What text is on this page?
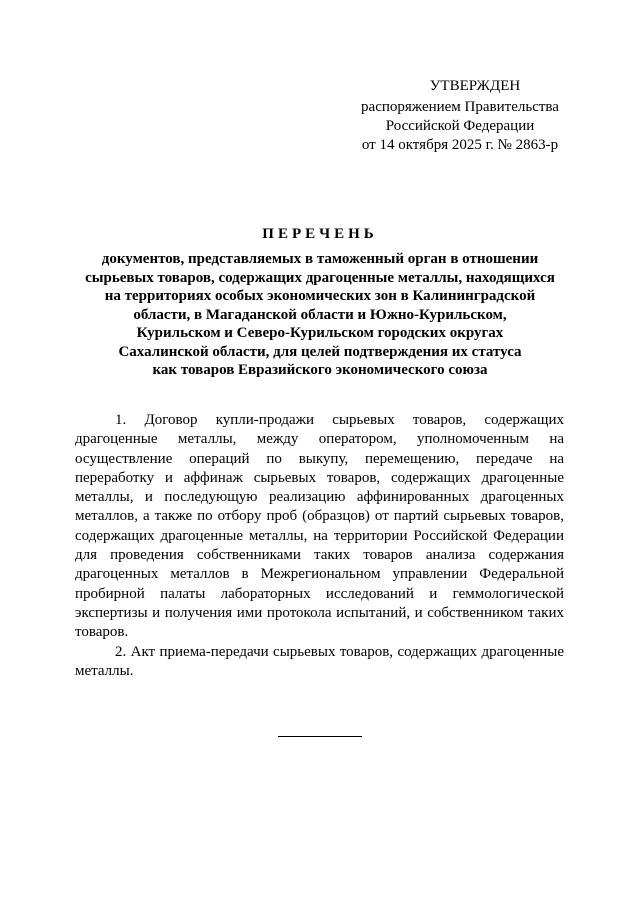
УТВЕРЖДЕН
распоряжением Правительства
Российской Федерации
от 14 октября 2025 г. № 2863-р
ПЕРЕЧЕНЬ
документов, представляемых в таможенный орган в отношении
сырьевых товаров, содержащих драгоценные металлы, находящихся
на территориях особых экономических зон в Калининградской
области, в Магаданской области и Южно-Курильском,
Курильском и Северо-Курильском городских округах
Сахалинской области, для целей подтверждения их статуса
как товаров Евразийского экономического союза

1. Договор купли-продажи сырьевых товаров, содержащих драгоценные металлы, между оператором, уполномоченным на осуществление операций по выкупу, перемещению, передаче на переработку и аффинаж сырьевых товаров, содержащих драгоценные металлы, и последующую реализацию аффинированных драгоценных металлов, а также по отбору проб (образцов) от партий сырьевых товаров, содержащих драгоценные металлы, на территории Российской Федерации для проведения собственниками таких товаров анализа содержания драгоценных металлов в Межрегиональном управлении Федеральной пробирной палаты лабораторных исследований и геммологической экспертизы и получения ими протокола испытаний, и собственником таких товаров.

2. Акт приема-передачи сырьевых товаров, содержащих драгоценные металлы.
